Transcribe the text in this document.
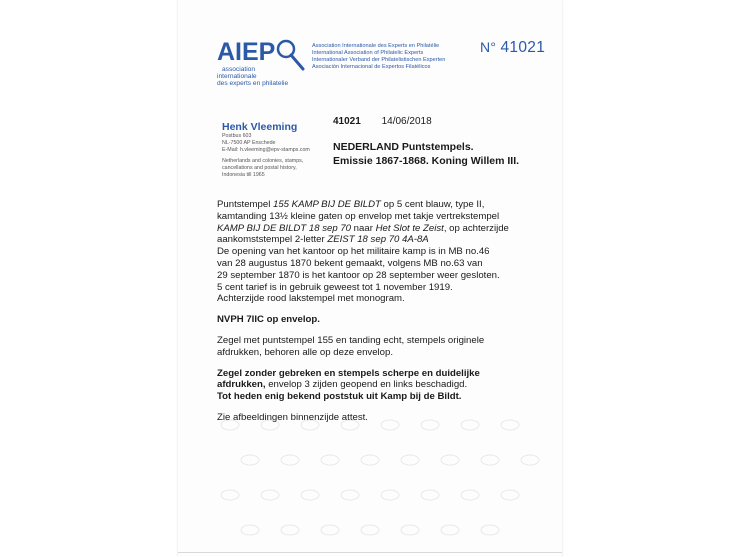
AIEP
association
internationale
des experts en philatelie
Association Internationale des Experts en Philatélie
International Association of Philatelic Experts
Internationaler Verband der Philatelistischen Experten
Asociación Internacional de Expertos Filatélicos
N° 41021
Henk Vleeming
Postbus 603
NL-7500 AP Enschede
E-Mail: h.vleeming@epv-stamps.com
Netherlands and colonies, stamps,
cancellations and postal history,
Indonesia till 1965
41021 14/06/2018
NEDERLAND Puntstempels.
Emissie 1867-1868. Koning Willem III.

Puntstempel 155 KAMP BIJ DE BILDT op 5 cent blauw, type II,

kamtanding 13½ kleine gaten op envelop met takje vertrekstempel

KAMP BIJ DE BILDT 18 sep 70 naar Het Slot te Zeist, op achterzijde

aankomststempel 2-letter ZEIST 18 sep 70 4A-8A

De opening van het kantoor op het militaire kamp is in MB no.46

van 28 augustus 1870 bekent gemaakt, volgens MB no.63 van

29 september 1870 is het kantoor op 28 september weer gesloten.

5 cent tarief is in gebruik geweest tot 1 november 1919.

Achterzijde rood lakstempel met monogram.

NVPH 7IIC op envelop.

Zegel met puntstempel 155 en tanding echt, stempels originele

afdrukken, behoren alle op deze envelop.

Zegel zonder gebreken en stempels scherpe en duidelijke

afdrukken, envelop 3 zijden geopend en links beschadigd.

Tot heden enig bekend poststuk uit Kamp bij de Bildt.

Zie afbeeldingen binnenzijde attest.
